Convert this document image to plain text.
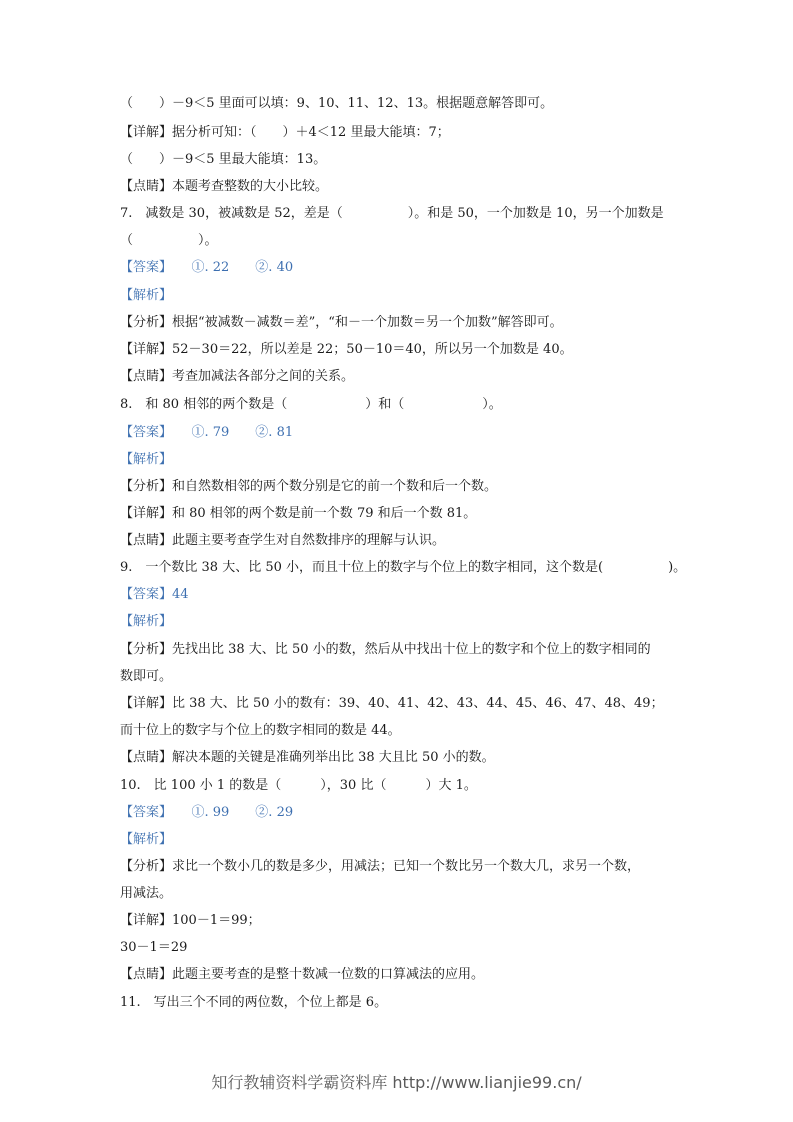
（　　）－9＜5 里面可以填：9、10、11、12、13。根据题意解答即可。
【详解】据分析可知：（　　）＋4＜12 里最大能填：7；
（　　）－9＜5 里最大能填：13。
【点睛】本题考查整数的大小比较。
7.　减数是 30，被减数是 52，差是（　　　　　）。和是 50，一个加数是 10，另一个加数是
（　　　　　）。
【答案】　　①. 22　　②. 40
【解析】
【分析】根据“被减数－减数＝差”，“和－一个加数＝另一个加数”解答即可。
【详解】52－30＝22，所以差是 22；50－10＝40，所以另一个加数是 40。
【点睛】考查加减法各部分之间的关系。
8.　和 80 相邻的两个数是（　　　　　　）和（　　　　　　）。
【答案】　　①. 79　　②. 81
【解析】
【分析】和自然数相邻的两个数分别是它的前一个数和后一个数。
【详解】和 80 相邻的两个数是前一个数 79 和后一个数 81。
【点睛】此题主要考查学生对自然数排序的理解与认识。
9.　一个数比 38 大、比 50 小，而且十位上的数字与个位上的数字相同，这个数是(　　　　　)。
【答案】44
【解析】
【分析】先找出比 38 大、比 50 小的数，然后从中找出十位上的数字和个位上的数字相同的
数即可。
【详解】比 38 大、比 50 小的数有：39、40、41、42、43、44、45、46、47、48、49；
而十位上的数字与个位上的数字相同的数是 44。
【点睛】解决本题的关键是准确列举出比 38 大且比 50 小的数。
10.　比 100 小 1 的数是（　　　），30 比（　　　）大 1。
【答案】　　①. 99　　②. 29
【解析】
【分析】求比一个数小几的数是多少，用减法；已知一个数比另一个数大几，求另一个数，
用减法。
【详解】100－1＝99；
30－1＝29
【点睛】此题主要考查的是整十数减一位数的口算减法的应用。
11.　写出三个不同的两位数，个位上都是 6。
知行教辅资料学霸资料库 http://www.lianjie99.cn/
